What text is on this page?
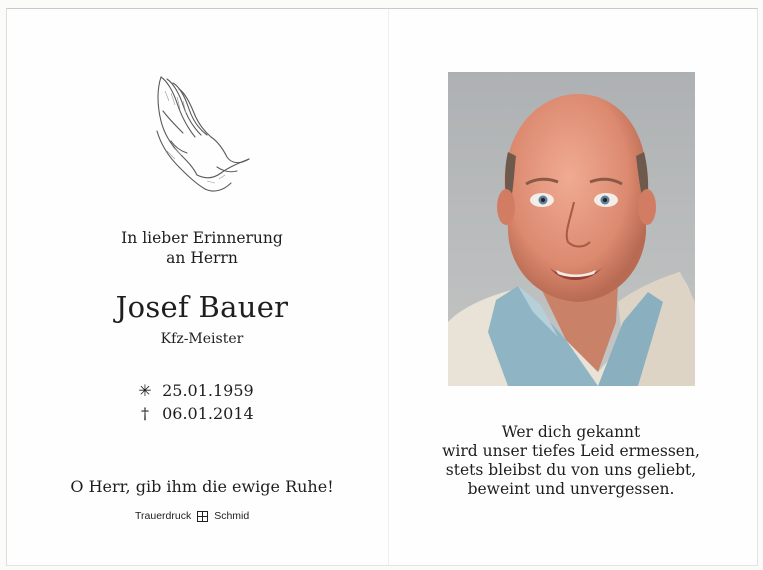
In lieber Erinnerung
an Herrn
Josef Bauer
Kfz-Meister
✳ 25.01.1959
† 06.01.2014
O Herr, gib ihm die ewige Ruhe!
Trauerdruck Schmid
Wer dich gekannt
wird unser tiefes Leid ermessen,
stets bleibst du von uns geliebt,
beweint und unvergessen.
